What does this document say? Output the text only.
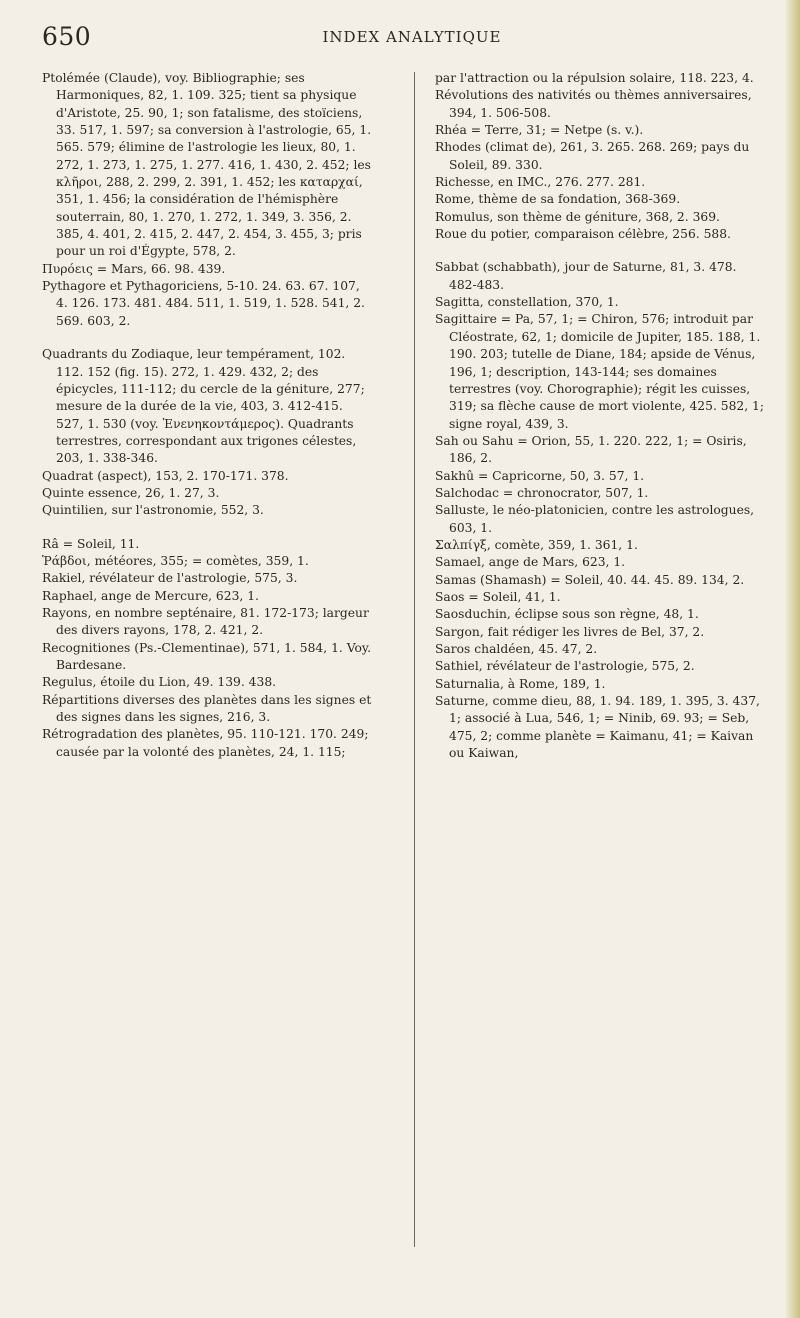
650	INDEX ANALYTIQUE

Ptolémée (Claude), voy. Bibliographie; ses Harmoniques, 82, 1. 109. 325; tient sa physique d'Aristote, 25. 90, 1; son fatalisme, des stoïciens, 33. 517, 1. 597; sa conversion à l'astrologie, 65, 1. 565. 579; élimine de l'astrologie les lieux, 80, 1. 272, 1. 273, 1. 275, 1. 277. 416, 1. 430, 2. 452; les κλῆροι, 288, 2. 299, 2. 391, 1. 452; les καταρχαί, 351, 1. 456; la considération de l'hémisphère souterrain, 80, 1. 270, 1. 272, 1. 349, 3. 356, 2. 385, 4. 401, 2. 415, 2. 447, 2. 454, 3. 455, 3; pris pour un roi d'Égypte, 578, 2.

Πυρόεις = Mars, 66. 98. 439.

Pythagore et Pythagoriciens, 5-10. 24. 63. 67. 107, 4. 126. 173. 481. 484. 511, 1. 519, 1. 528. 541, 2. 569. 603, 2.

Quadrants du Zodiaque, leur tempérament, 102. 112. 152 (fig. 15). 272, 1. 429. 432, 2; des épicycles, 111-112; du cercle de la géniture, 277; mesure de la durée de la vie, 403, 3. 412-415. 527, 1. 530 (voy. Ἐνενηκοντάμερος). Quadrants terrestres, correspondant aux trigones célestes, 203, 1. 338-346.

Quadrat (aspect), 153, 2. 170-171. 378.

Quinte essence, 26, 1. 27, 3.

Quintilien, sur l'astronomie, 552, 3.

Râ = Soleil, 11.

Ῥάβδοι, météores, 355; = comètes, 359, 1.

Rakiel, révélateur de l'astrologie, 575, 3.

Raphael, ange de Mercure, 623, 1.

Rayons, en nombre septénaire, 81. 172-173; largeur des divers rayons, 178, 2. 421, 2.

Recognitiones (Ps.-Clementinae), 571, 1. 584, 1. Voy. Bardesane.

Regulus, étoile du Lion, 49. 139. 438.

Répartitions diverses des planètes dans les signes et des signes dans les signes, 216, 3.

Rétrogradation des planètes, 95. 110-121. 170. 249; causée par la volonté des planètes, 24, 1. 115;

par l'attraction ou la répulsion solaire, 118. 223, 4.

Révolutions des nativités ou thèmes anniversaires, 394, 1. 506-508.

Rhéa = Terre, 31; = Netpe (s. v.).

Rhodes (climat de), 261, 3. 265. 268. 269; pays du Soleil, 89. 330.

Richesse, en IMC., 276. 277. 281.

Rome, thème de sa fondation, 368-369.

Romulus, son thème de géniture, 368, 2. 369.

Roue du potier, comparaison célèbre, 256. 588.

Sabbat (schabbath), jour de Saturne, 81, 3. 478. 482-483.

Sagitta, constellation, 370, 1.

Sagittaire = Pa, 57, 1; = Chiron, 576; introduit par Cléostrate, 62, 1; domicile de Jupiter, 185. 188, 1. 190. 203; tutelle de Diane, 184; apside de Vénus, 196, 1; description, 143-144; ses domaines terrestres (voy. Chorographie); régit les cuisses, 319; sa flèche cause de mort violente, 425. 582, 1; signe royal, 439, 3.

Sah ou Sahu = Orion, 55, 1. 220. 222, 1; = Osiris, 186, 2.

Sakhû = Capricorne, 50, 3. 57, 1.

Salchodac = chronocrator, 507, 1.

Salluste, le néo-platonicien, contre les astrologues, 603, 1.

Σαλπίγξ, comète, 359, 1. 361, 1.

Samael, ange de Mars, 623, 1.

Samas (Shamash) = Soleil, 40. 44. 45. 89. 134, 2.

Saos = Soleil, 41, 1.

Saosduchin, éclipse sous son règne, 48, 1.

Sargon, fait rédiger les livres de Bel, 37, 2.

Saros chaldéen, 45. 47, 2.

Sathiel, révélateur de l'astrologie, 575, 2.

Saturnalia, à Rome, 189, 1.

Saturne, comme dieu, 88, 1. 94. 189, 1. 395, 3. 437, 1; associé à Lua, 546, 1; = Ninib, 69. 93; = Seb, 475, 2; comme planète = Kaimanu, 41; = Kaivan ou Kaiwan,
